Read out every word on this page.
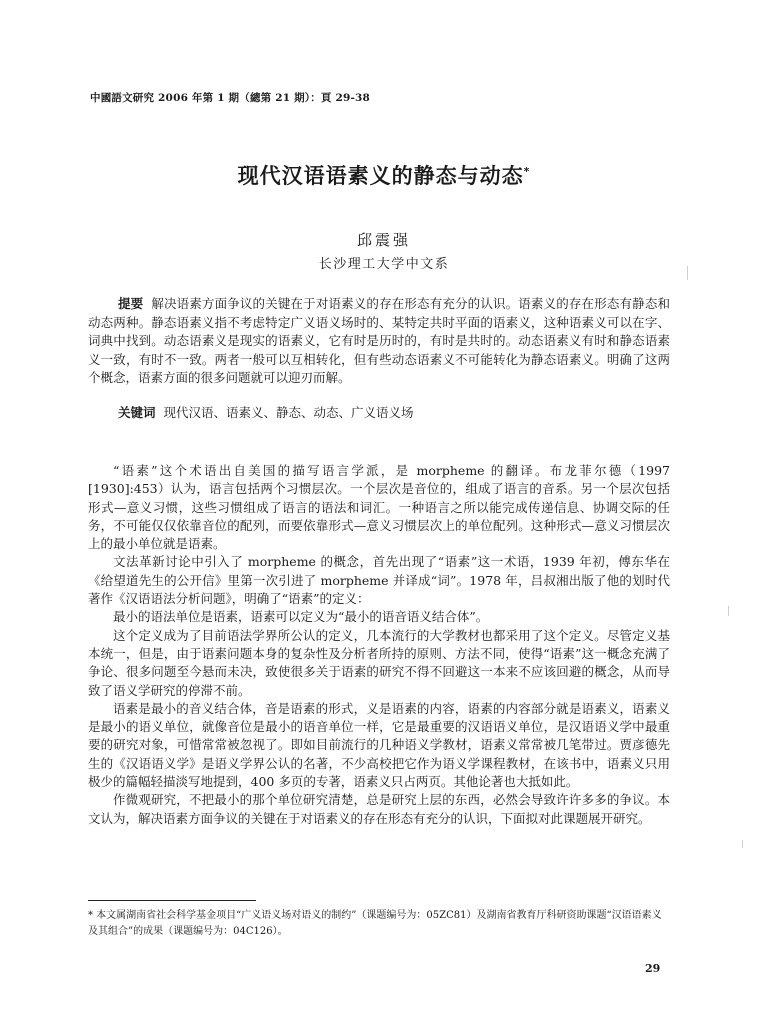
中國語文研究 2006 年第 1 期（總第 21 期）：頁 29-38
现代汉语语素义的静态与动态*
邱震强
长沙理工大学中文系
提要 解决语素方面争议的关键在于对语素义的存在形态有充分的认识。语素义的存在形态有静态和动态两种。静态语素义指不考虑特定广义语义场时的、某特定共时平面的语素义，这种语素义可以在字、词典中找到。动态语素义是现实的语素义，它有时是历时的，有时是共时的。动态语素义有时和静态语素义一致，有时不一致。两者一般可以互相转化，但有些动态语素义不可能转化为静态语素义。明确了这两个概念，语素方面的很多问题就可以迎刃而解。
关键词 现代汉语、语素义、静态、动态、广义语义场

“语素”这个术语出自美国的描写语言学派，是 morpheme 的翻译。布龙菲尔德（1997 [1930]:453）认为，语言包括两个习惯层次。一个层次是音位的，组成了语言的音系。另一个层次包括形式—意义习惯，这些习惯组成了语言的语法和词汇。一种语言之所以能完成传递信息、协调交际的任务，不可能仅仅依靠音位的配列，而要依靠形式—意义习惯层次上的单位配列。这种形式—意义习惯层次上的最小单位就是语素。

文法革新讨论中引入了 morpheme 的概念，首先出现了“语素”这一术语，1939 年初，傅东华在《给望道先生的公开信》里第一次引进了 morpheme 并译成“词”。1978 年，吕叔湘出版了他的划时代著作《汉语语法分析问题》，明确了“语素”的定义：

最小的语法单位是语素，语素可以定义为“最小的语音语义结合体”。

这个定义成为了目前语法学界所公认的定义，几本流行的大学教材也都采用了这个定义。尽管定义基本统一，但是，由于语素问题本身的复杂性及分析者所持的原则、方法不同，使得“语素”这一概念充满了争论、很多问题至今悬而未决，致使很多关于语素的研究不得不回避这一本来不应该回避的概念，从而导致了语义学研究的停滞不前。

语素是最小的音义结合体，音是语素的形式，义是语素的内容，语素的内容部分就是语素义，语素义是最小的语义单位，就像音位是最小的语音单位一样，它是最重要的汉语语义单位，是汉语语义学中最重要的研究对象，可惜常常被忽视了。即如目前流行的几种语义学教材，语素义常常被几笔带过。贾彦德先生的《汉语语义学》是语义学界公认的名著，不少高校把它作为语义学课程教材，在该书中，语素义只用极少的篇幅轻描淡写地提到，400 多页的专著，语素义只占两页。其他论著也大抵如此。

作微观研究，不把最小的那个单位研究清楚，总是研究上层的东西，必然会导致许许多多的争议。本文认为，解决语素方面争议的关键在于对语素义的存在形态有充分的认识，下面拟对此课题展开研究。

* 本文属湖南省社会科学基金项目“广义语义场对语义的制约”（课题编号为：05ZC81）及湖南省教育厅科研资助课题“汉语语素义及其组合”的成果（课题编号为：04C126）。
29
